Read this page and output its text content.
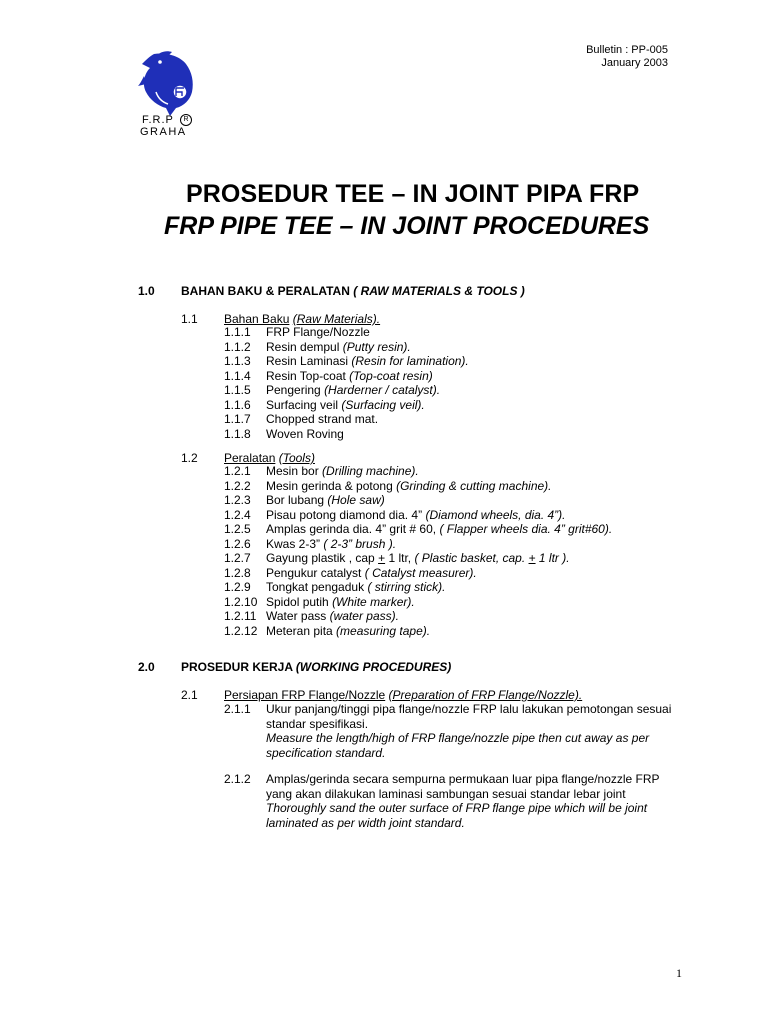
Bulletin : PP-005
January 2003
F.R.P	R
GRAHA
PROSEDUR TEE – IN JOINT PIPA FRP
FRP PIPE TEE – IN JOINT PROCEDURES
1.0 BAHAN BAKU & PERALATAN ( RAW MATERIALS & TOOLS )
1.1 Bahan Baku (Raw Materials).
1.1.1 FRP Flange/Nozzle
1.1.2 Resin dempul (Putty resin).
1.1.3 Resin Laminasi (Resin for lamination).
1.1.4 Resin Top-coat (Top-coat resin)
1.1.5 Pengering (Harderner / catalyst).
1.1.6 Surfacing veil (Surfacing veil).
1.1.7 Chopped strand mat.
1.1.8 Woven Roving
1.2 Peralatan (Tools)
1.2.1 Mesin bor (Drilling machine).
1.2.2 Mesin gerinda & potong (Grinding & cutting machine).
1.2.3 Bor lubang (Hole saw)
1.2.4 Pisau potong diamond dia. 4” (Diamond wheels, dia. 4”).
1.2.5 Amplas gerinda dia. 4” grit # 60, ( Flapper wheels dia. 4” grit#60).
1.2.6 Kwas 2-3” ( 2-3” brush ).
1.2.7 Gayung plastik , cap + 1 ltr, ( Plastic basket, cap. + 1 ltr ).
1.2.8 Pengukur catalyst ( Catalyst measurer).
1.2.9 Tongkat pengaduk ( stirring stick).
1.2.10 Spidol putih (White marker).
1.2.11 Water pass (water pass).
1.2.12 Meteran pita (measuring tape).
2.0 PROSEDUR KERJA (WORKING PROCEDURES)
2.1 Persiapan FRP Flange/Nozzle (Preparation of FRP Flange/Nozzle).
2.1.1 Ukur panjang/tinggi pipa flange/nozzle FRP lalu lakukan pemotongan sesuai
standar spesifikasi.
Measure the length/high of FRP flange/nozzle pipe then cut away as per
specification standard.
2.1.2 Amplas/gerinda secara sempurna permukaan luar pipa flange/nozzle FRP
yang akan dilakukan laminasi sambungan sesuai standar lebar joint
Thoroughly sand the outer surface of FRP flange pipe which will be joint
laminated as per width joint standard.
1
